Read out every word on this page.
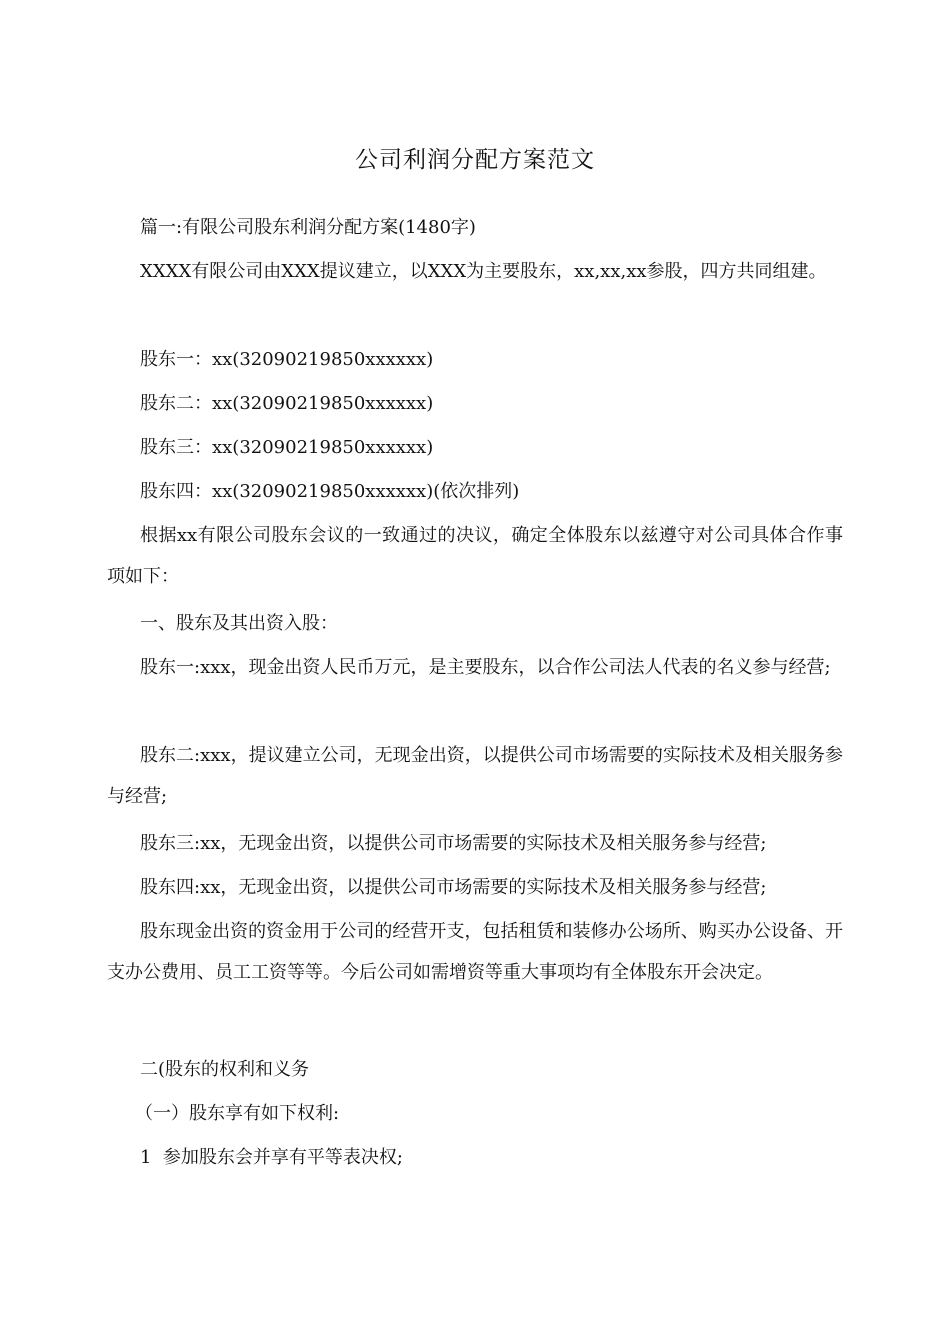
公司利润分配方案范文
篇一:有限公司股东利润分配方案(1480字)
XXXX有限公司由XXX提议建立，以XXX为主要股东，xx,xx,xx参股，四方共同组建。
股东一：xx(32090219850xxxxxx)
股东二：xx(32090219850xxxxxx)
股东三：xx(32090219850xxxxxx)
股东四：xx(32090219850xxxxxx)(依次排列)
根据xx有限公司股东会议的一致通过的决议，确定全体股东以兹遵守对公司具体合作事项如下：
一、股东及其出资入股：
股东一:xxx，现金出资人民币万元，是主要股东，以合作公司法人代表的名义参与经营;
股东二:xxx，提议建立公司，无现金出资，以提供公司市场需要的实际技术及相关服务参与经营;
股东三:xx，无现金出资，以提供公司市场需要的实际技术及相关服务参与经营;
股东四:xx，无现金出资，以提供公司市场需要的实际技术及相关服务参与经营;
股东现金出资的资金用于公司的经营开支，包括租赁和装修办公场所、购买办公设备、开支办公费用、员工工资等等。今后公司如需增资等重大事项均有全体股东开会决定。
二(股东的权利和义务
（一）股东享有如下权利:
1  参加股东会并享有平等表决权;
